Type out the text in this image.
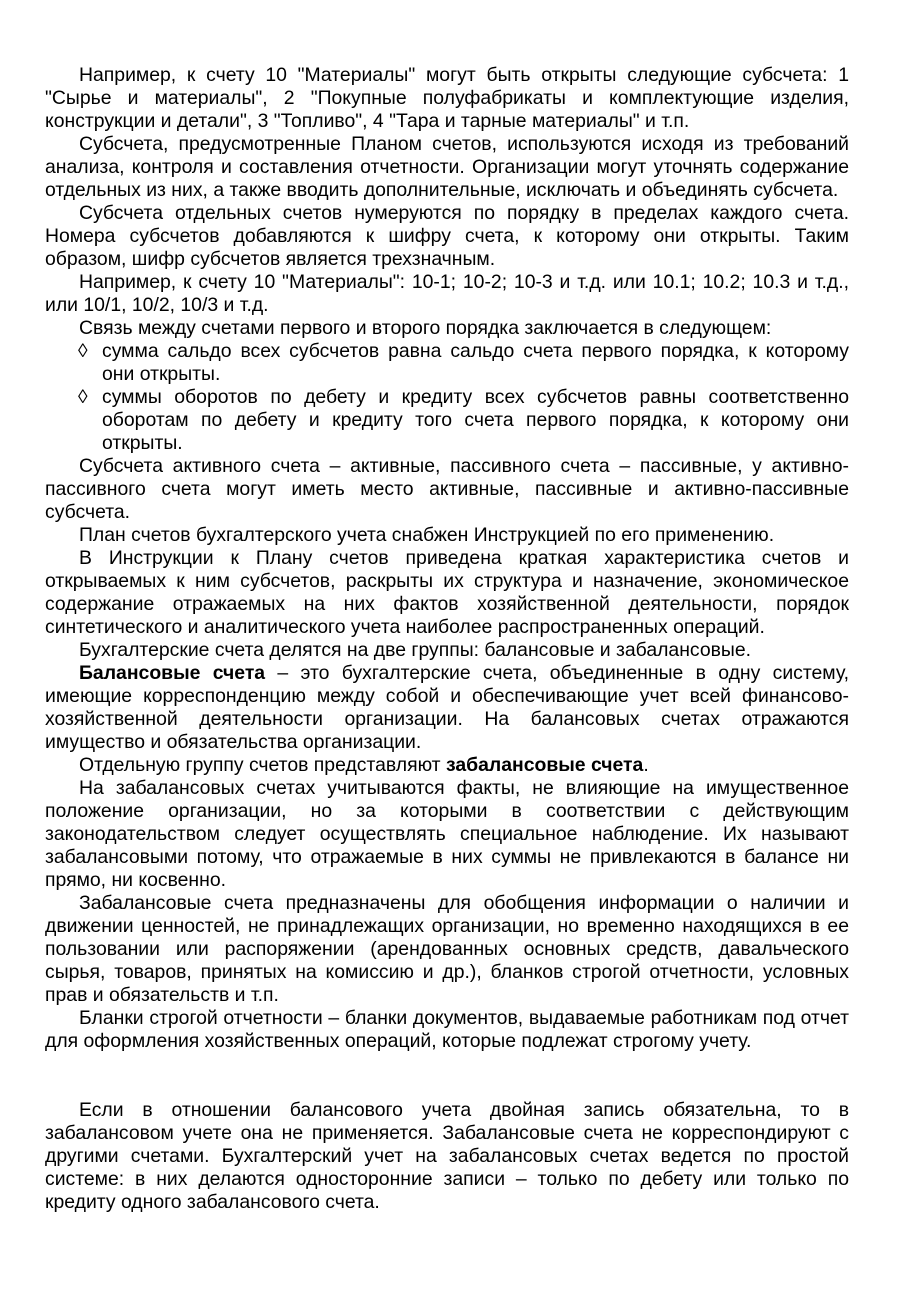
Например, к счету 10 "Материалы" могут быть открыты следующие субсчета: 1 "Сырье и материалы", 2 "Покупные полуфабрикаты и комплектующие изделия, конструкции и детали", 3 "Топливо", 4 "Тара и тарные материалы" и т.п.

Субсчета, предусмотренные Планом счетов, используются исходя из требований анализа, контроля и составления отчетности. Организации могут уточнять содержание отдельных из них, а также вводить дополнительные, исключать и объединять субсчета.

Субсчета отдельных счетов нумеруются по порядку в пределах каждого счета. Номера субсчетов добавляются к шифру счета, к которому они открыты. Таким образом, шифр субсчетов является трехзначным.

Например, к счету 10 "Материалы": 10-1; 10-2; 10-3 и т.д. или 10.1; 10.2; 10.3 и т.д., или 10/1, 10/2, 10/3 и т.д.

Связь между счетами первого и второго порядка заключается в следующем:

◊ сумма сальдо всех субсчетов равна сальдо счета первого порядка, к которому они открыты.
◊ суммы оборотов по дебету и кредиту всех субсчетов равны соответственно оборотам по дебету и кредиту того счета первого порядка, к которому они открыты.

Субсчета активного счета – активные, пассивного счета – пассивные, у активно-пассивного счета могут иметь место активные, пассивные и активно-пассивные субсчета.

План счетов бухгалтерского учета снабжен Инструкцией по его применению.

В Инструкции к Плану счетов приведена краткая характеристика счетов и открываемых к ним субсчетов, раскрыты их структура и назначение, экономическое содержание отражаемых на них фактов хозяйственной деятельности, порядок синтетического и аналитического учета наиболее распространенных операций.

Бухгалтерские счета делятся на две группы: балансовые и забалансовые.

Балансовые счета – это бухгалтерские счета, объединенные в одну систему, имеющие корреспонденцию между собой и обеспечивающие учет всей финансово-хозяйственной деятельности организации. На балансовых счетах отражаются имущество и обязательства организации.

Отдельную группу счетов представляют забалансовые счета.

На забалансовых счетах учитываются факты, не влияющие на имущественное положение организации, но за которыми в соответствии с действующим законодательством следует осуществлять специальное наблюдение. Их называют забалансовыми потому, что отражаемые в них суммы не привлекаются в балансе ни прямо, ни косвенно.

Забалансовые счета предназначены для обобщения информации о наличии и движении ценностей, не принадлежащих организации, но временно находящихся в ее пользовании или распоряжении (арендованных основных средств, давальческого сырья, товаров, принятых на комиссию и др.), бланков строгой отчетности, условных прав и обязательств и т.п.

Бланки строгой отчетности – бланки документов, выдаваемые работникам под отчет для оформления хозяйственных операций, которые подлежат строгому учету.

Если в отношении балансового учета двойная запись обязательна, то в забалансовом учете она не применяется. Забалансовые счета не корреспондируют с другими счетами. Бухгалтерский учет на забалансовых счетах ведется по простой системе: в них делаются односторонние записи – только по дебету или только по кредиту одного забалансового счета.
